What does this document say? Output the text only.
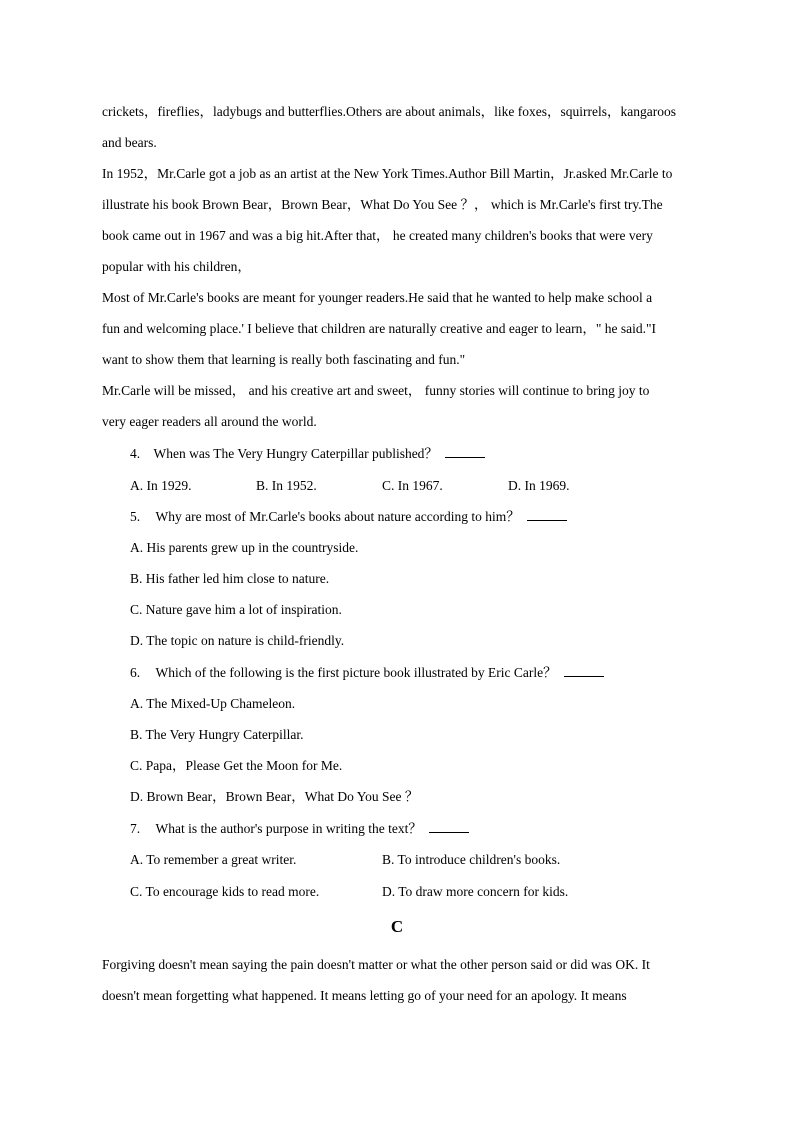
crickets，fireflies，ladybugs and butterflies.Others are about animals，like foxes，squirrels，kangaroos
and bears.
In 1952，Mr.Carle got a job as an artist at the New York Times.Author Bill Martin，Jr.asked Mr.Carle to
illustrate his book Brown Bear，Brown Bear，What Do You See ？， which is Mr.Carle's first try.The
book came out in 1967 and was a big hit.After that， he created many children's books that were very
popular with his children，
Most of Mr.Carle's books are meant for younger readers.He said that he wanted to help make school a
fun and welcoming place.' I believe that children are naturally creative and eager to learn，" he said."I
want to show them that learning is really both fascinating and fun."
Mr.Carle will be missed， and his creative art and sweet， funny stories will continue to bring joy to
very eager readers all around the world.
4. When was The Very Hungry Caterpillar published？
A. In 1929.	B. In 1952.	C. In 1967.	D. In 1969.
5. Why are most of Mr.Carle's books about nature according to him？
A. His parents grew up in the countryside.
B. His father led him close to nature.
C. Nature gave him a lot of inspiration.
D. The topic on nature is child-friendly.
6. Which of the following is the first picture book illustrated by Eric Carle？
A. The Mixed-Up Chameleon.
B. The Very Hungry Caterpillar.
C. Papa，Please Get the Moon for Me.
D. Brown Bear，Brown Bear，What Do You See ？
7. What is the author's purpose in writing the text？
A. To remember a great writer.	B. To introduce children's books.
C. To encourage kids to read more.	D. To draw more concern for kids.
C
Forgiving doesn't mean saying the pain doesn't matter or what the other person said or did was OK. It
doesn't mean forgetting what happened. It means letting go of your need for an apology. It means
